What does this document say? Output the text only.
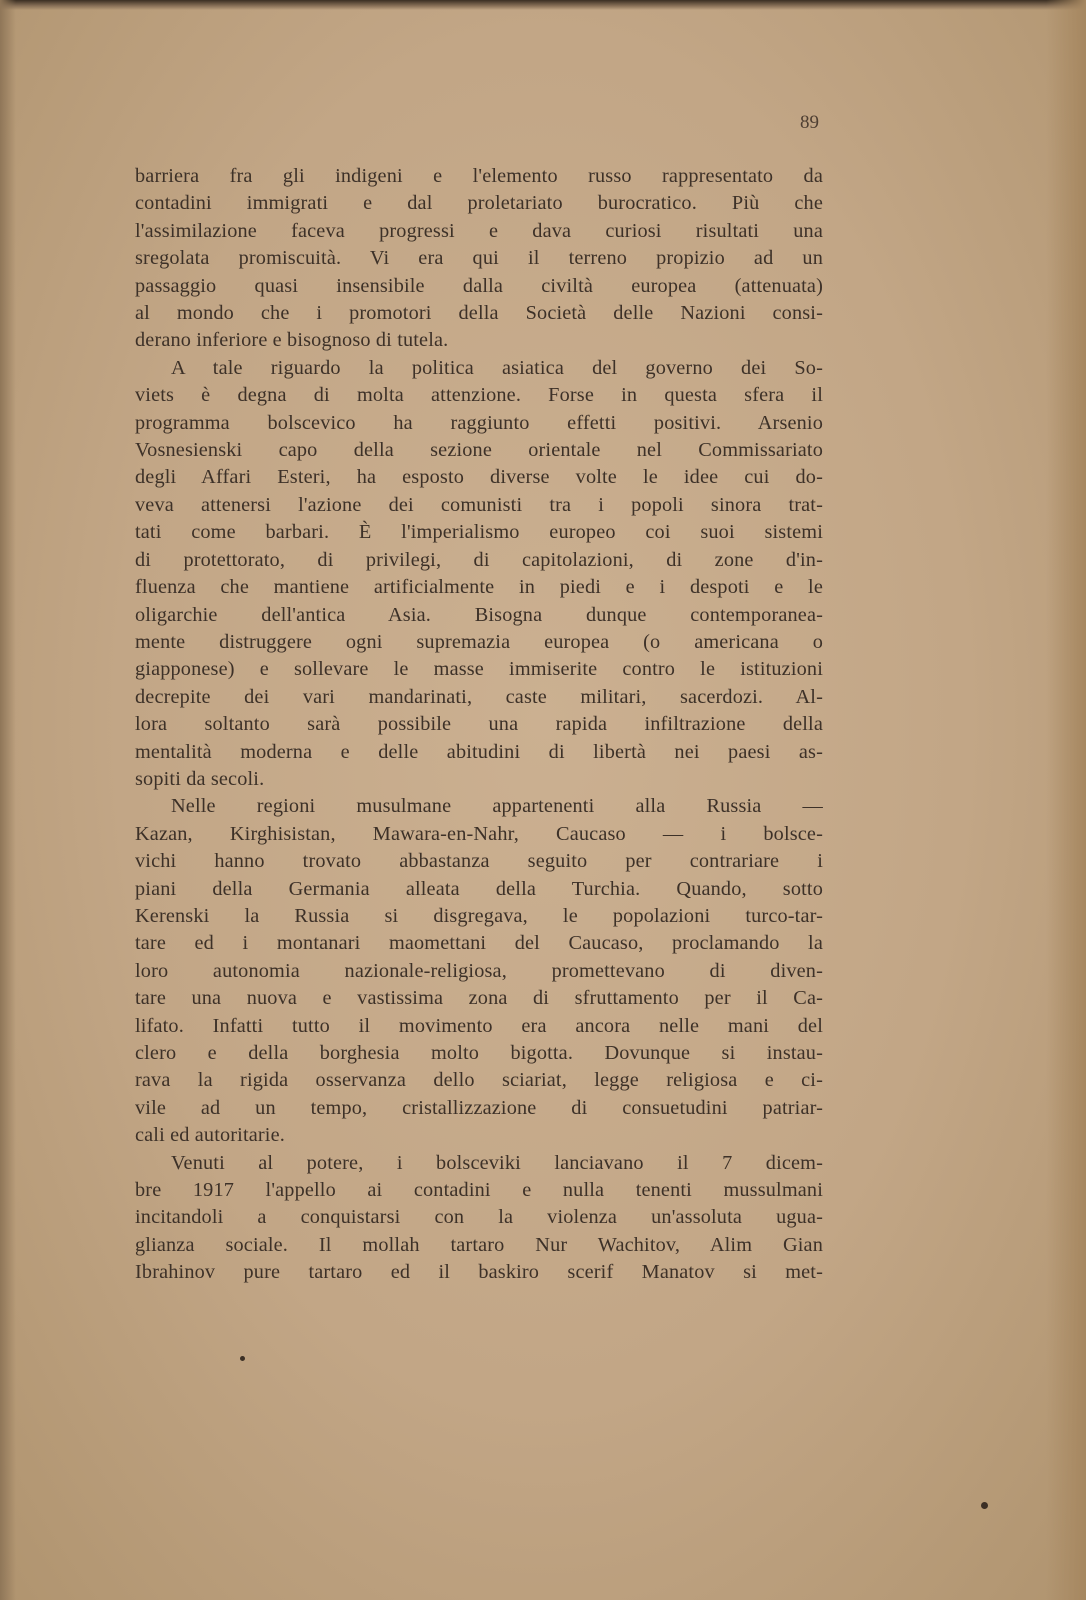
89
barriera fra gli indigeni e l'elemento russo rappresentato da
contadini immigrati e dal proletariato burocratico. Più che
l'assimilazione faceva progressi e dava curiosi risultati una
sregolata promiscuità. Vi era qui il terreno propizio ad un
passaggio quasi insensibile dalla civiltà europea (attenuata)
al mondo che i promotori della Società delle Nazioni consi-
derano inferiore e bisognoso di tutela.
A tale riguardo la politica asiatica del governo dei So-
viets è degna di molta attenzione. Forse in questa sfera il
programma bolscevico ha raggiunto effetti positivi. Arsenio
Vosnesienski capo della sezione orientale nel Commissariato
degli Affari Esteri, ha esposto diverse volte le idee cui do-
veva attenersi l'azione dei comunisti tra i popoli sinora trat-
tati come barbari. È l'imperialismo europeo coi suoi sistemi
di protettorato, di privilegi, di capitolazioni, di zone d'in-
fluenza che mantiene artificialmente in piedi e i despoti e le
oligarchie dell'antica Asia. Bisogna dunque contemporanea-
mente distruggere ogni supremazia europea (o americana o
giapponese) e sollevare le masse immiserite contro le istituzioni
decrepite dei vari mandarinati, caste militari, sacerdozi. Al-
lora soltanto sarà possibile una rapida infiltrazione della
mentalità moderna e delle abitudini di libertà nei paesi as-
sopiti da secoli.
Nelle regioni musulmane appartenenti alla Russia —
Kazan, Kirghisistan, Mawara-en-Nahr, Caucaso — i bolsce-
vichi hanno trovato abbastanza seguito per contrariare i
piani della Germania alleata della Turchia. Quando, sotto
Kerenski la Russia si disgregava, le popolazioni turco-tar-
tare ed i montanari maomettani del Caucaso, proclamando la
loro autonomia nazionale-religiosa, promettevano di diven-
tare una nuova e vastissima zona di sfruttamento per il Ca-
lifato. Infatti tutto il movimento era ancora nelle mani del
clero e della borghesia molto bigotta. Dovunque si instau-
rava la rigida osservanza dello sciariat, legge religiosa e ci-
vile ad un tempo, cristallizzazione di consuetudini patriar-
cali ed autoritarie.
Venuti al potere, i bolsceviki lanciavano il 7 dicem-
bre 1917 l'appello ai contadini e nulla tenenti mussulmani
incitandoli a conquistarsi con la violenza un'assoluta ugua-
glianza sociale. Il mollah tartaro Nur Wachitov, Alim Gian
Ibrahinov pure tartaro ed il baskiro scerif Manatov si met-
